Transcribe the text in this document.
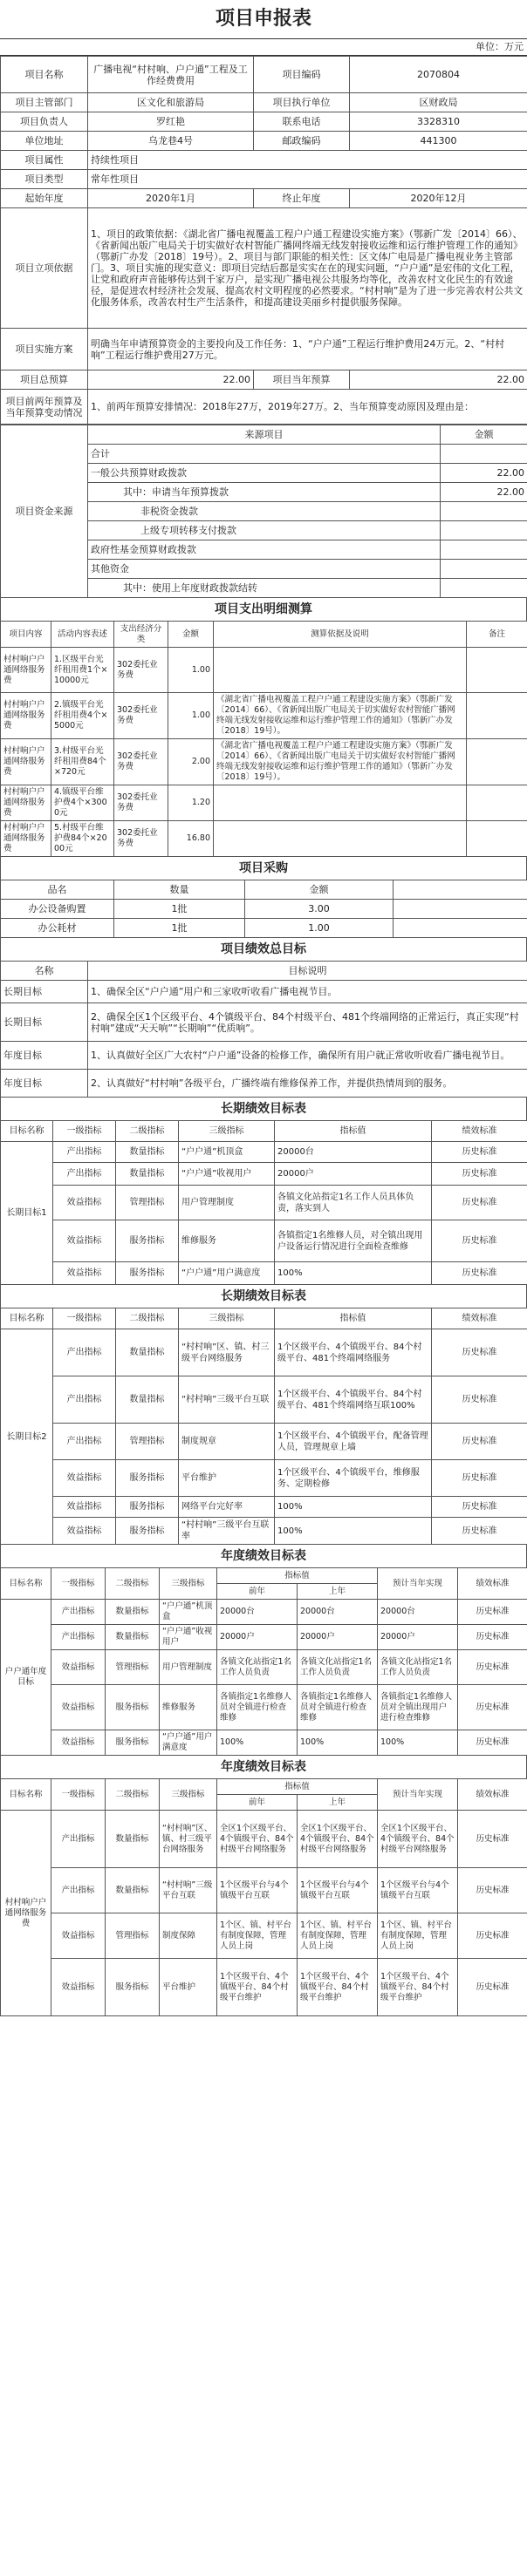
项目申报表
单位：万元
项目名称	广播电视“村村响、户户通”工程及工作经费费用	项目编码	2070804
项目主管部门	区文化和旅游局	项目执行单位	区财政局
项目负责人	罗红艳	联系电话	3328310
单位地址	乌龙巷4号	邮政编码	441300
项目属性	持续性项目		
项目类型	常年性项目		
起始年度	2020年1月	终止年度	2020年12月
项目立项依据	1、项目的政策依据：《湖北省广播电视覆盖工程户户通工程建设实施方案》（鄂新广发〔2014〕66）、《省新闻出版广电局关于切实做好农村智能广播网终端无线发射接收运维和运行维护管理工作的通知》（鄂新广办发〔2018〕19号）。2、项目与部门职能的相关性：区文体广电局是广播电视业务主管部门。3、项目实施的现实意义：即项目完结后都是实实在在的现实问题，“户户通”是宏伟的文化工程，让党和政府声音能够传达到千家万户，是实现广播电视公共服务均等化，改善农村文化民生的有效途径，是促进农村经济社会发展、提高农村文明程度的必然要求。“村村响”是为了进一步完善农村公共文化服务体系，改善农村生产生活条件，和提高建设美丽乡村提供服务保障。		
项目实施方案	明确当年申请预算资金的主要投向及工作任务：1、“户户通”工程运行维护费用24万元。2、“村村响”工程运行维护费用27万元。		
项目总预算	22.00	项目当年预算	22.00
项目前两年预算及当年预算变动情况	1、前两年预算安排情况：2018年27万，2019年27万。2、当年预算变动原因及理由是：		
项目资金来源	来源项目	金额
	合计	
	一般公共预算财政拨款	22.00
	其中：申请当年预算拨款	22.00
	非税资金拨款	
	上级专项转移支付拨款	
	政府性基金预算财政拨款	
	其他资金	
	其中：使用上年度财政拨款结转	
项目支出明细测算
项目内容	活动内容表述	支出经济分类	金额	测算依据及说明	备注
村村响户户通网络服务费	1.区级平台光纤租用费1个×10000元	302委托业务费	1.00		
村村响户户通网络服务费	2.镇级平台光纤租用费4个×5000元	302委托业务费	1.00	《湖北省广播电视覆盖工程户户通工程建设实施方案》（鄂新广发〔2014〕66）、《省新闻出版广电局关于切实做好农村智能广播网终端无线发射接收运维和运行维护管理工作的通知》（鄂新广办发〔2018〕19号）。	
村村响户户通网络服务费	3.村级平台光纤租用费84个×720元	302委托业务费	2.00	《湖北省广播电视覆盖工程户户通工程建设实施方案》（鄂新广发〔2014〕66）、《省新闻出版广电局关于切实做好农村智能广播网终端无线发射接收运维和运行维护管理工作的通知》（鄂新广办发〔2018〕19号）。	
村村响户户通网络服务费	4.镇级平台维护费4个×3000元	302委托业务费	1.20		
村村响户户通网络服务费	5.村级平台维护费84个×2000元	302委托业务费	16.80		
项目采购
品名	数量	金额	
办公设备购置	1批	3.00	
办公耗材	1批	1.00	
项目绩效总目标
名称	目标说明
长期目标	1、确保全区“户户通”用户和三家收听收看广播电视节目。
长期目标	2、确保全区1个区级平台、4个镇级平台、84个村级平台、481个终端网络的正常运行，真正实现“村村响”建成“天天响”“长期响”“优质响”。
年度目标	1、认真做好全区广大农村“户户通”设备的检修工作，确保所有用户就正常收听收看广播电视节目。
年度目标	2、认真做好“村村响”各级平台，广播终端有维修保养工作，并提供热情周到的服务。
长期绩效目标表
目标名称	一级指标	二级指标	三级指标	指标值	绩效标准
长期目标1	产出指标	数量指标	“户户通”机顶盒	20000台	历史标准
	产出指标	数量指标	“户户通”收视用户	20000户	历史标准
	效益指标	管理指标	用户管理制度	各镇文化站指定1名工作人员具体负责，落实到人	历史标准
	效益指标	服务指标	维修服务	各镇指定1名维修人员，对全镇出现用户设备运行情况进行全面检查维修	历史标准
	效益指标	服务指标	“户户通”用户满意度	100%	历史标准
长期绩效目标表
目标名称	一级指标	二级指标	三级指标	指标值	绩效标准
长期目标2	产出指标	数量指标	“村村响”区、镇、村三级平台网络服务	1个区级平台、4个镇级平台、84个村级平台、481个终端网络服务	历史标准
	产出指标	数量指标	“村村响”三级平台互联	1个区级平台、4个镇级平台、84个村级平台、481个终端网络互联100%	历史标准
	产出指标	管理指标	制度规章	1个区级平台、4个镇级平台，配备管理人员，管理规章上墙	历史标准
	效益指标	服务指标	平台维护	1个区级平台、4个镇级平台，维修服务、定期检修	历史标准
	效益指标	服务指标	网络平台完好率	100%	历史标准
	效益指标	服务指标	“村村响”三级平台互联率	100%	历史标准
年度绩效目标表
目标名称	一级指标	二级指标	三级指标	指标值		预计当年实现	绩效标准
				前年	上年		
户户通年度目标	产出指标	数量指标	“户户通”机顶盒	20000台	20000台	20000台	历史标准
	产出指标	数量指标	“户户通”收视用户	20000户	20000户	20000户	历史标准
	效益指标	管理指标	用户管理制度	各镇文化站指定1名工作人员负责	各镇文化站指定1名工作人员负责	各镇文化站指定1名工作人员负责	历史标准
	效益指标	服务指标	维修服务	各镇指定1名维修人员对全镇进行检查维修	各镇指定1名维修人员对全镇进行检查维修	各镇指定1名维修人员对全镇出现用户进行检查维修	历史标准
	效益指标	服务指标	“户户通”用户满意度	100%	100%	100%	历史标准
年度绩效目标表
目标名称	一级指标	二级指标	三级指标	指标值		预计当年实现	绩效标准
				前年	上年		
村村响户户通网络服务费	产出指标	数量指标	“村村响”区、镇、村三级平台网络服务	全区1个区级平台、4个镇级平台、84个村级平台网络服务	全区1个区级平台、4个镇级平台、84个村级平台网络服务	全区1个区级平台、4个镇级平台、84个村级平台网络服务	历史标准
	产出指标	数量指标	“村村响”三级平台互联	1个区级平台与4个镇级平台互联	1个区级平台与4个镇级平台互联	1个区级平台与4个镇级平台互联	历史标准
	效益指标	管理指标	制度保障	1个区、镇、村平台有制度保障，管理人员上岗	1个区、镇、村平台有制度保障，管理人员上岗	1个区、镇、村平台有制度保障，管理人员上岗	历史标准
	效益指标	服务指标	平台维护	1个区级平台、4个镇级平台、84个村级平台维护	1个区级平台、4个镇级平台、84个村级平台维护	1个区级平台、4个镇级平台、84个村级平台维护	历史标准
